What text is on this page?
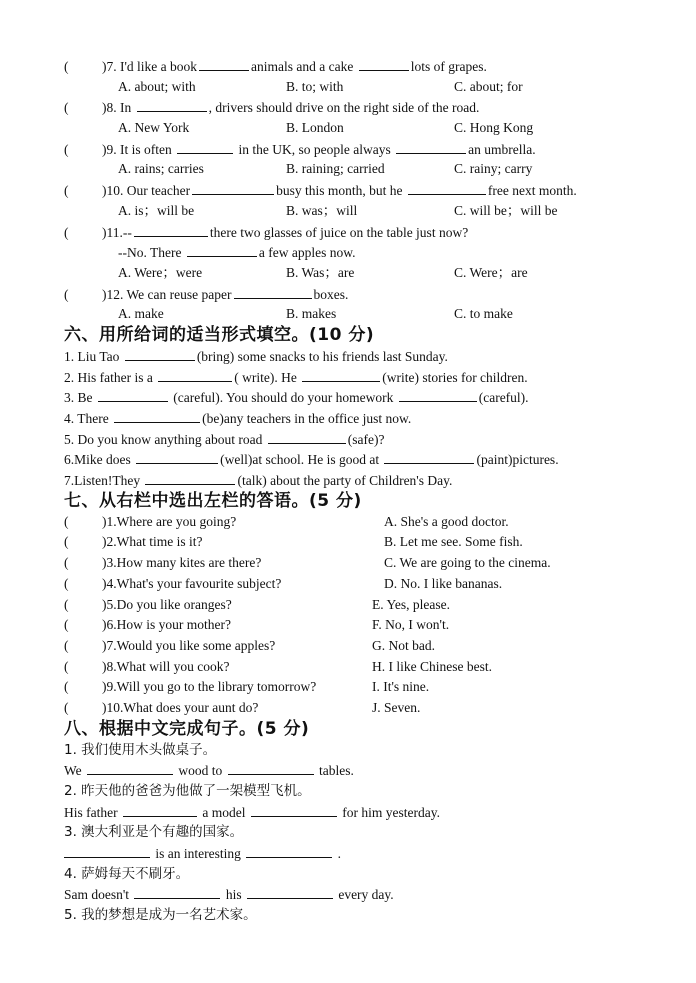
( )7. I'd like a book	animals and a cake	lots of grapes.
A. about; with	B. to; with	C. about; for
( )8. In	, drivers should drive on the right side of the road.
A. New York	B. London	C. Hong Kong
( )9. It is often	in the UK, so people always	an umbrella.
A. rains; carries	B. raining; carried	C. rainy; carry
( )10. Our teacher	busy this month, but he	free next month.
A. is；will be	B. was；will	C. will be；will be
( )11.--	there two glasses of juice on the table just now?
--No. There	a few apples now.
A. Were；were	B. Was；are	C. Were；are
( )12. We can reuse paper	boxes.
A. make	B. makes	C. to make
六、用所给词的适当形式填空。(10 分)
1. Liu Tao	(bring) some snacks to his friends last Sunday.
2. His father is a	( write). He	(write) stories for children.
3. Be	(careful). You should do your homework	(careful).
4. There	(be)any teachers in the office just now.
5. Do you know anything about road	(safe)?
6.Mike does	(well)at school. He is good at	(paint)pictures.
7.Listen!They	(talk) about the party of Children's Day.
七、从右栏中选出左栏的答语。(5 分)
( )1.Where are you going?	A. She's a good doctor.
( )2.What time is it?	B. Let me see. Some fish.
( )3.How many kites are there?	C. We are going to the cinema.
( )4.What's your favourite subject?	D. No. I like bananas.
( )5.Do you like oranges?	E. Yes, please.
( )6.How is your mother?	F. No, I won't.
( )7.Would you like some apples?	G. Not bad.
( )8.What will you cook?	H. I like Chinese best.
( )9.Will you go to the library tomorrow?	I. It's nine.
( )10.What does your aunt do?	J. Seven.
八、根据中文完成句子。(5 分)
1. 我们使用木头做桌子。
We	wood to	tables.
2. 昨天他的爸爸为他做了一架模型飞机。
His father	a model	for him yesterday.
3. 澳大利亚是个有趣的国家。
is an interesting	.
4. 萨姆每天不刷牙。
Sam doesn't	his	every day.
5. 我的梦想是成为一名艺术家。
